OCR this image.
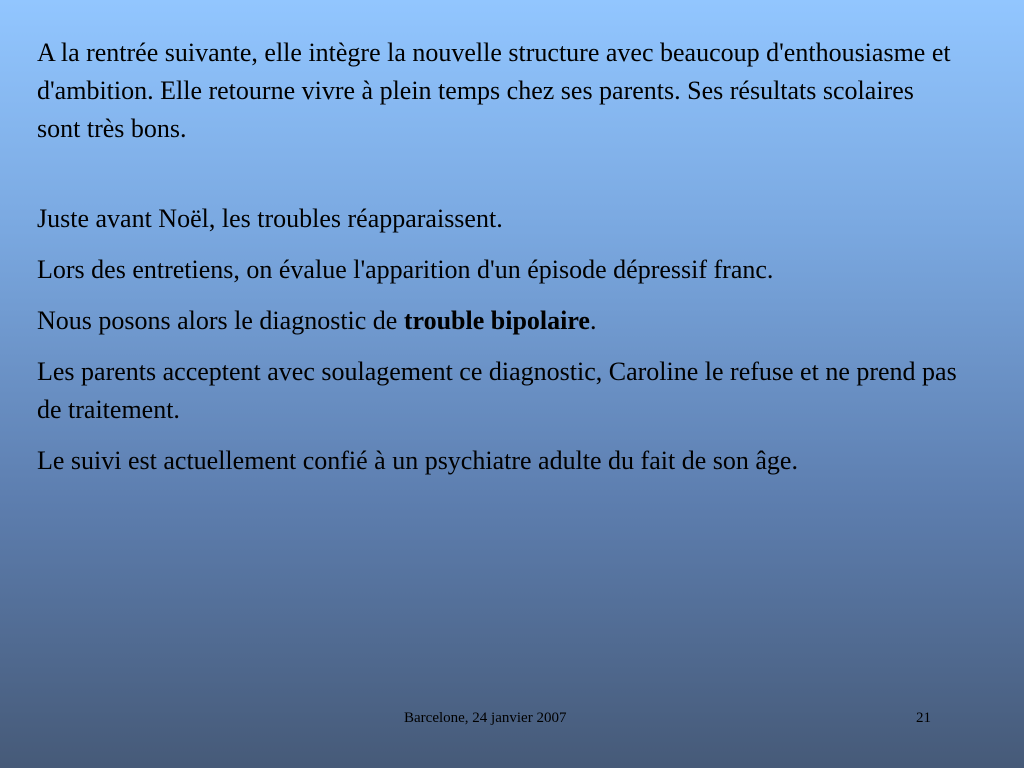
A la rentrée suivante, elle intègre la nouvelle structure avec beaucoup d'enthousiasme et d'ambition. Elle retourne vivre à plein temps chez ses parents. Ses résultats scolaires sont très bons.

Juste avant Noël, les troubles réapparaissent.

Lors des entretiens, on évalue l'apparition d'un épisode dépressif franc.

Nous posons alors le diagnostic de trouble bipolaire.

Les parents acceptent avec soulagement ce diagnostic, Caroline le refuse et ne prend pas de traitement.

Le suivi est actuellement confié à un psychiatre adulte du fait de son âge.

Barcelone, 24 janvier 2007	21
